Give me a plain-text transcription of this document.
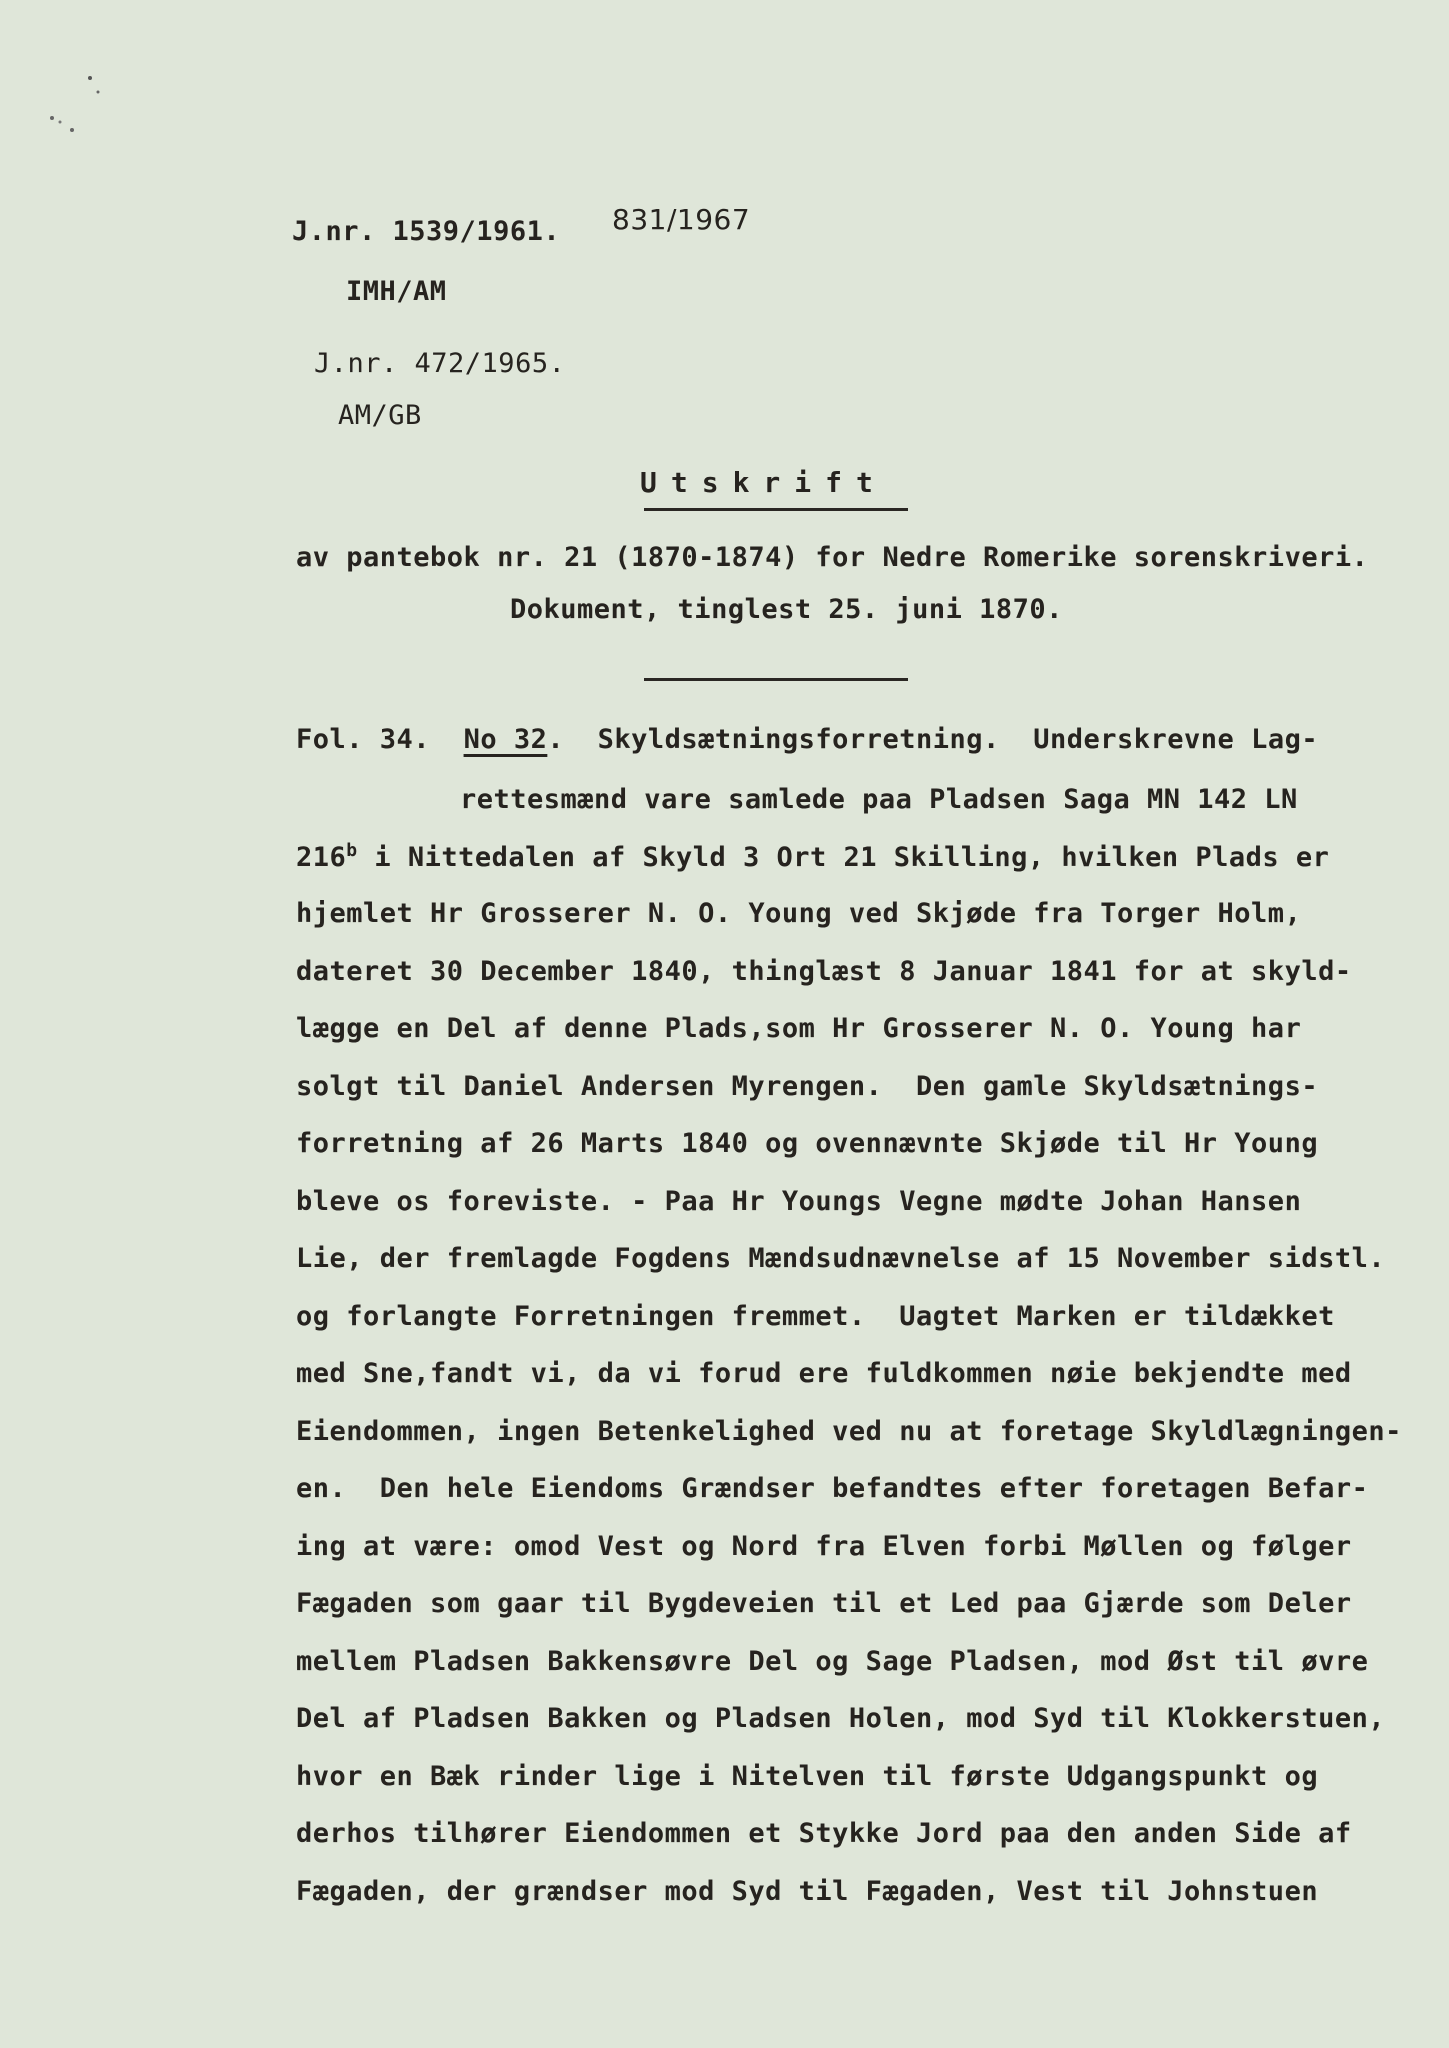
J.nr. 1539/1961. 831/1967
IMH/AM
J.nr. 472/1965.
AM/GB
Utskrift
av pantebok nr. 21 (1870-1874) for Nedre Romerike sorenskriveri.
Dokument, tinglest 25. juni 1870.
Fol. 34. No 32.  Skyldsætningsforretning.  Underskrevne Lag-
rettesmænd vare samlede paa Pladsen Saga MN 142 LN
216$^b$ i Nittedalen af Skyld 3 Ort 21 Skilling, hvilken Plads er
hjemlet Hr Grosserer N. O. Young ved Skjøde fra Torger Holm,
dateret 30 December 1840, thinglæst 8 Januar 1841 for at skyld-
lægge en Del af denne Plads,som Hr Grosserer N. O. Young har
solgt til Daniel Andersen Myrengen.  Den gamle Skyldsætnings-
forretning af 26 Marts 1840 og ovennævnte Skjøde til Hr Young
bleve os foreviste. - Paa Hr Youngs Vegne mødte Johan Hansen
Lie, der fremlagde Fogdens Mændsudnævnelse af 15 November sidstl.
og forlangte Forretningen fremmet.  Uagtet Marken er tildækket
med Sne,fandt vi, da vi forud ere fuldkommen nøie bekjendte med
Eiendommen, ingen Betenkelighed ved nu at foretage Skyldlægningen-
en.  Den hele Eiendoms Grændser befandtes efter foretagen Befar-
ing at være: omod Vest og Nord fra Elven forbi Møllen og følger
Fægaden som gaar til Bygdeveien til et Led paa Gjærde som Deler
mellem Pladsen Bakkensøvre Del og Sage Pladsen, mod Øst til øvre
Del af Pladsen Bakken og Pladsen Holen, mod Syd til Klokkerstuen,
hvor en Bæk rinder lige i Nitelven til første Udgangspunkt og
derhos tilhører Eiendommen et Stykke Jord paa den anden Side af
Fægaden, der grændser mod Syd til Fægaden, Vest til Johnstuen
